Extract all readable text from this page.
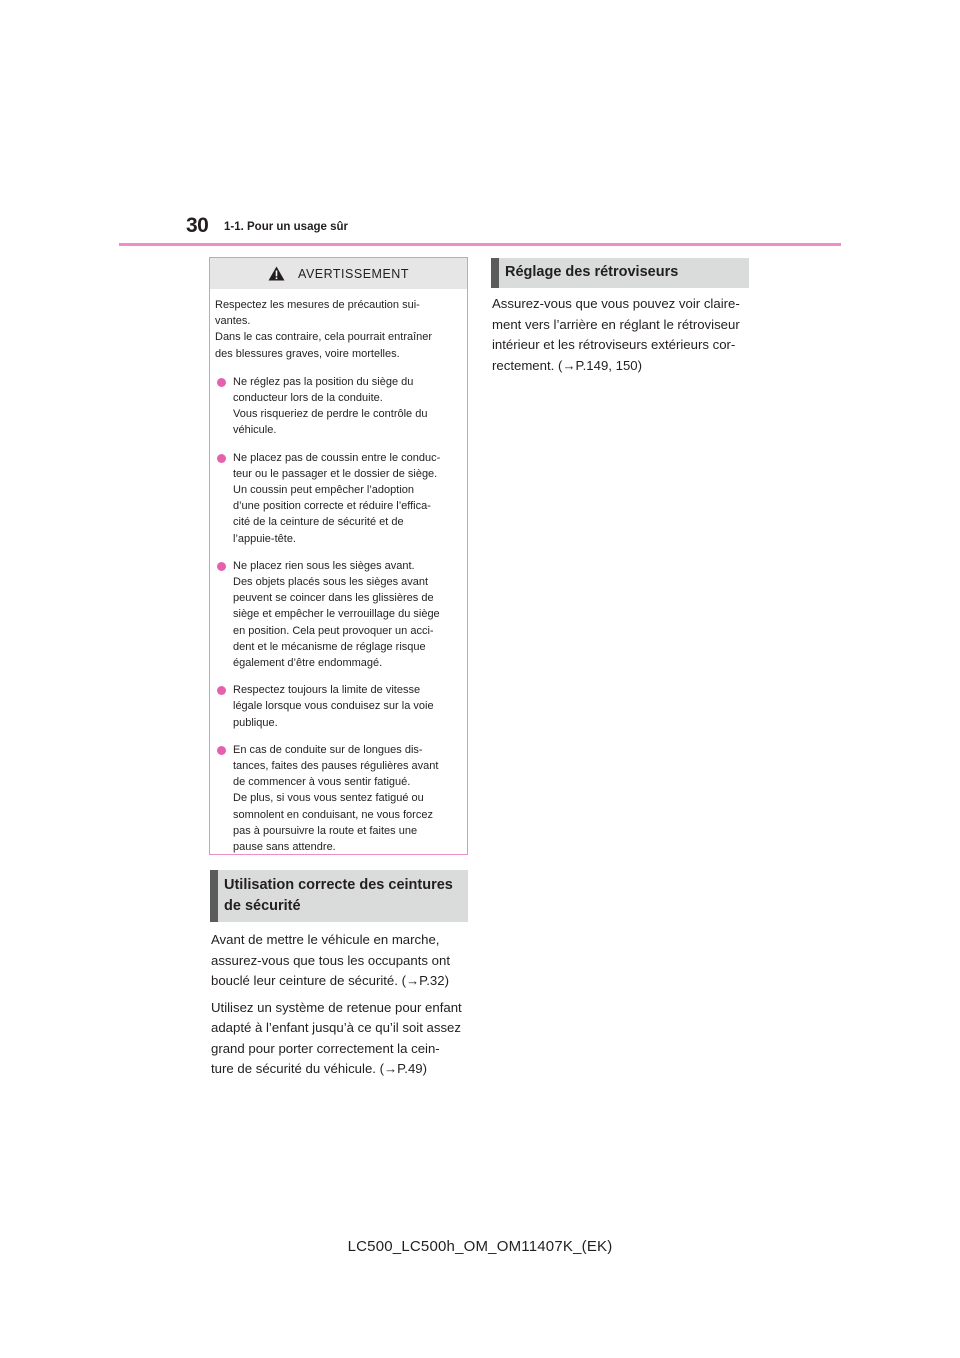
30 1-1. Pour un usage sûr
AVERTISSEMENT

Respectez les mesures de précaution sui-
vantes.
Dans le cas contraire, cela pourrait entraîner
des blessures graves, voire mortelles.

Ne réglez pas la position du siège du
conducteur lors de la conduite.
Vous risqueriez de perdre le contrôle du
véhicule.

Ne placez pas de coussin entre le conduc-
teur ou le passager et le dossier de siège.
Un coussin peut empêcher l’adoption
d’une position correcte et réduire l’effica-
cité de la ceinture de sécurité et de
l’appuie-tête.

Ne placez rien sous les sièges avant.
Des objets placés sous les sièges avant
peuvent se coincer dans les glissières de
siège et empêcher le verrouillage du siège
en position. Cela peut provoquer un acci-
dent et le mécanisme de réglage risque
également d’être endommagé.

Respectez toujours la limite de vitesse
légale lorsque vous conduisez sur la voie
publique.

En cas de conduite sur de longues dis-
tances, faites des pauses régulières avant
de commencer à vous sentir fatigué.
De plus, si vous vous sentez fatigué ou
somnolent en conduisant, ne vous forcez
pas à poursuivre la route et faites une
pause sans attendre.

Utilisation correcte des ceintures
de sécurité

Avant de mettre le véhicule en marche,
assurez-vous que tous les occupants ont
bouclé leur ceinture de sécurité. (→P.32)

Utilisez un système de retenue pour enfant
adapté à l’enfant jusqu’à ce qu’il soit assez
grand pour porter correctement la cein-
ture de sécurité du véhicule. (→P.49)

Réglage des rétroviseurs

Assurez-vous que vous pouvez voir claire-
ment vers l’arrière en réglant le rétroviseur
intérieur et les rétroviseurs extérieurs cor-
rectement. (→P.149, 150)

LC500_LC500h_OM_OM11407K_(EK)
